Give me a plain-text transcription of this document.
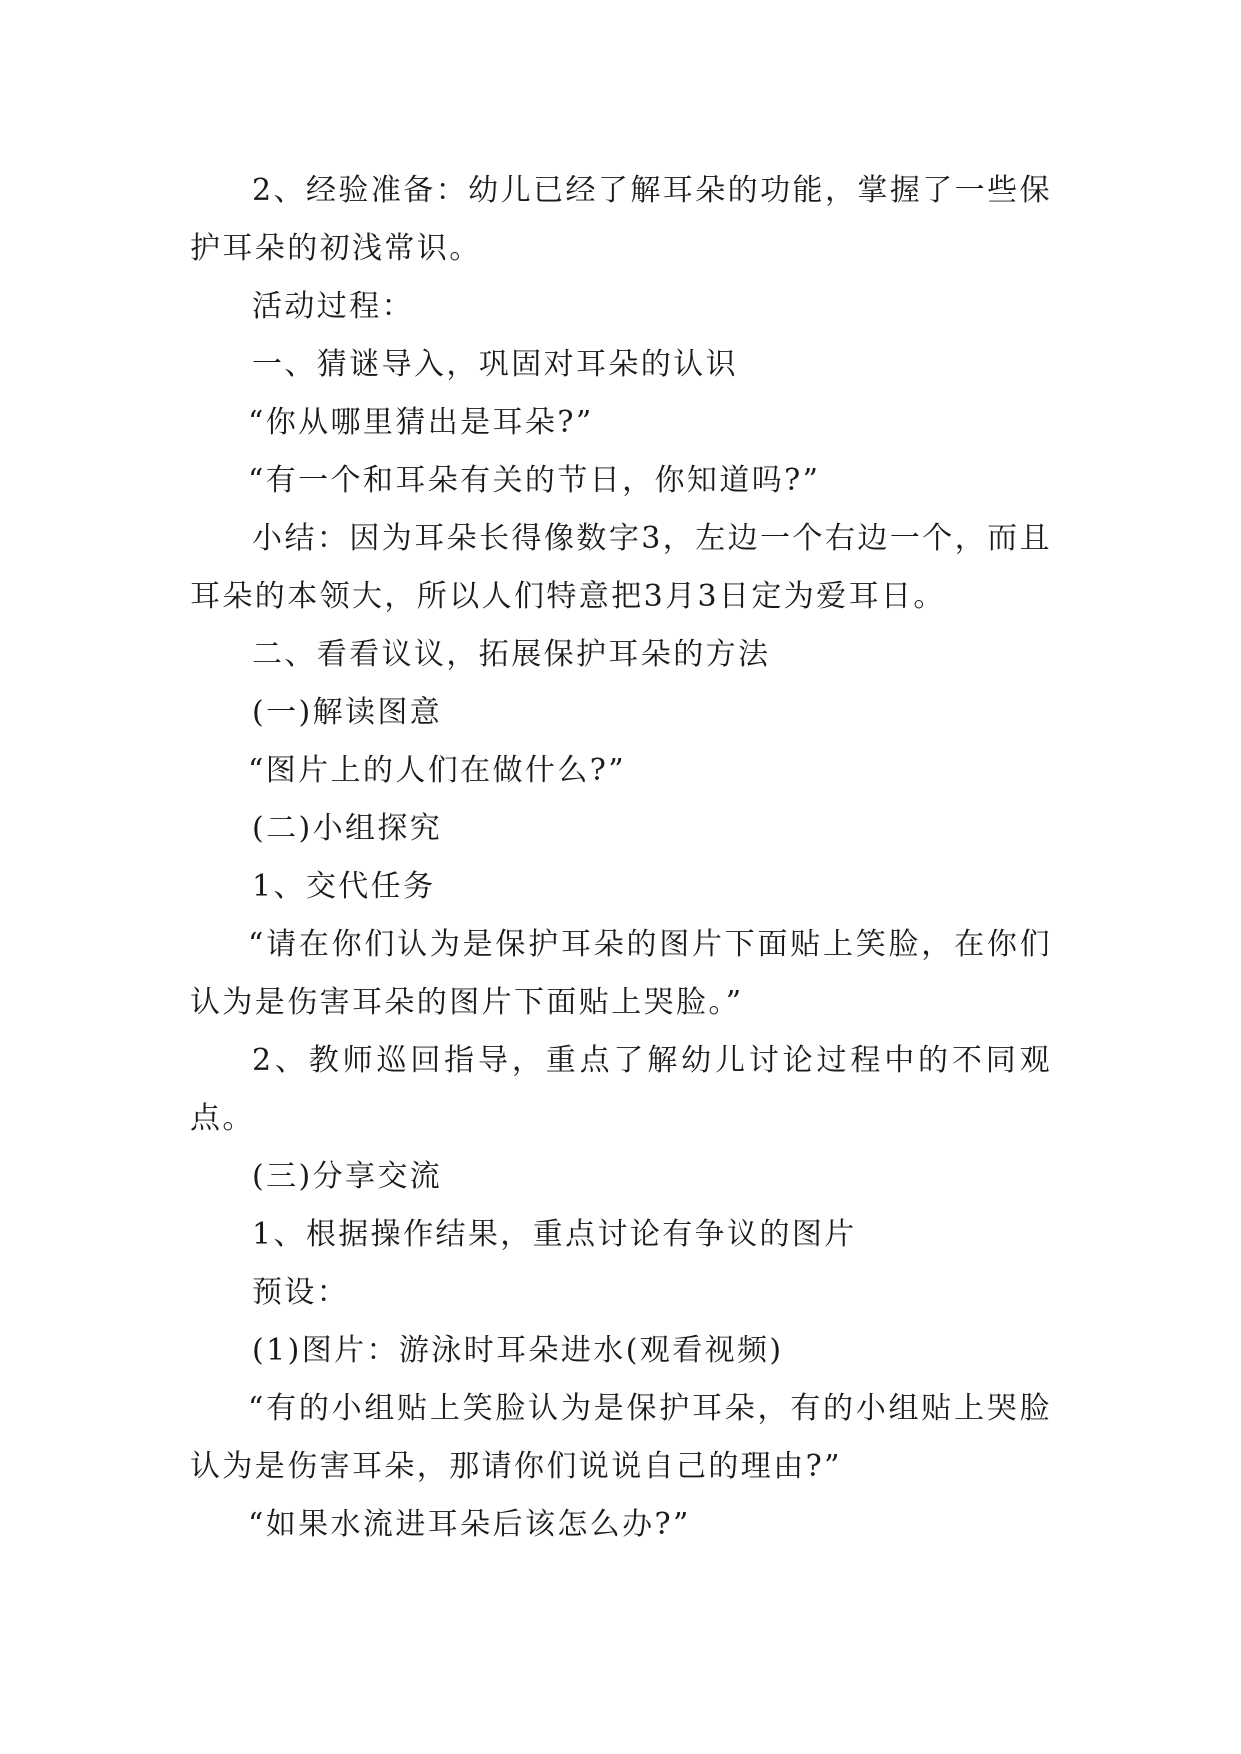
2、经验准备：幼儿已经了解耳朵的功能，掌握了一些保护耳朵的初浅常识。

活动过程：

一、猜谜导入，巩固对耳朵的认识

“你从哪里猜出是耳朵?”

“有一个和耳朵有关的节日，你知道吗?”

小结：因为耳朵长得像数字3，左边一个右边一个，而且耳朵的本领大，所以人们特意把3月3日定为爱耳日。

二、看看议议，拓展保护耳朵的方法

(一)解读图意

“图片上的人们在做什么?”

(二)小组探究

1、交代任务

“请在你们认为是保护耳朵的图片下面贴上笑脸，在你们认为是伤害耳朵的图片下面贴上哭脸。”

2、教师巡回指导，重点了解幼儿讨论过程中的不同观点。

(三)分享交流

1、根据操作结果，重点讨论有争议的图片

预设：

(1)图片：游泳时耳朵进水(观看视频)

“有的小组贴上笑脸认为是保护耳朵，有的小组贴上哭脸认为是伤害耳朵，那请你们说说自己的理由?”

“如果水流进耳朵后该怎么办?”
